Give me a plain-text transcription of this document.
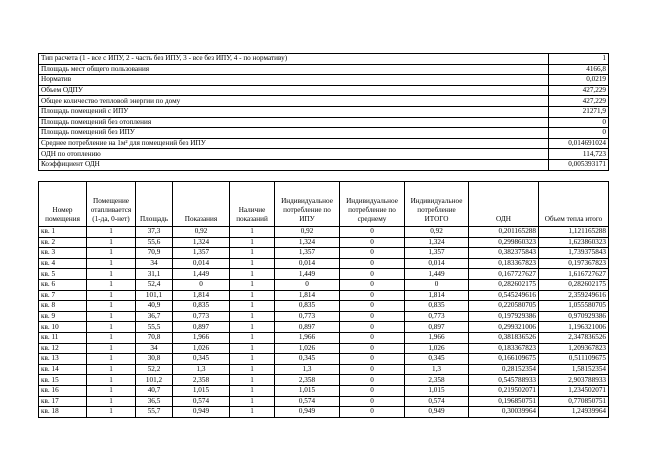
Тип расчета (1 - все с ИПУ, 2 - часть без ИПУ, 3 - все без ИПУ, 4 - по нормативу)	1
Площадь мест общего пользования	4166,8
Норматив	0,0219
Объем ОДПУ	427,229
Общее количество тепловой энергии по дому	427,229
Площадь помещений с ИПУ	21271,9
Площадь помещений без отопления	0
Площадь помещений без ИПУ	0
Среднее потребление на 1м² для помещений без ИПУ	0,014691024
ОДН по отоплению	114,723
Коэффициент ОДН	0,005393171
Номер помещения	Помещение отапливается (1-да, 0-нет)	Площадь	Показания	Наличие показаний	Индивидуальное потребление по ИПУ	Индивидуальное потребление по среднему	Индивидуальное потребление ИТОГО	ОДН	Объем тепла итого
кв. 1	1	37,3	0,92	1	0,92	0	0,92	0,201165288	1,121165288
кв. 2	1	55,6	1,324	1	1,324	0	1,324	0,299860323	1,623860323
кв. 3	1	70,9	1,357	1	1,357	0	1,357	0,382375843	1,739375843
кв. 4	1	34	0,014	1	0,014	0	0,014	0,183367823	0,197367823
кв. 5	1	31,1	1,449	1	1,449	0	1,449	0,167727627	1,616727627
кв. 6	1	52,4	0	1	0	0	0	0,282602175	0,282602175
кв. 7	1	101,1	1,814	1	1,814	0	1,814	0,545249616	2,359249616
кв. 8	1	40,9	0,835	1	0,835	0	0,835	0,220580705	1,055580705
кв. 9	1	36,7	0,773	1	0,773	0	0,773	0,197929386	0,970929386
кв. 10	1	55,5	0,897	1	0,897	0	0,897	0,299321006	1,196321006
кв. 11	1	70,8	1,966	1	1,966	0	1,966	0,381836526	2,347836526
кв. 12	1	34	1,026	1	1,026	0	1,026	0,183367823	1,209367823
кв. 13	1	30,8	0,345	1	0,345	0	0,345	0,166109675	0,511109675
кв. 14	1	52,2	1,3	1	1,3	0	1,3	0,28152354	1,58152354
кв. 15	1	101,2	2,358	1	2,358	0	2,358	0,545788933	2,903788933
кв. 16	1	40,7	1,015	1	1,015	0	1,015	0,219502071	1,234502071
кв. 17	1	36,5	0,574	1	0,574	0	0,574	0,196850751	0,770850751
кв. 18	1	55,7	0,949	1	0,949	0	0,949	0,30039964	1,24939964
